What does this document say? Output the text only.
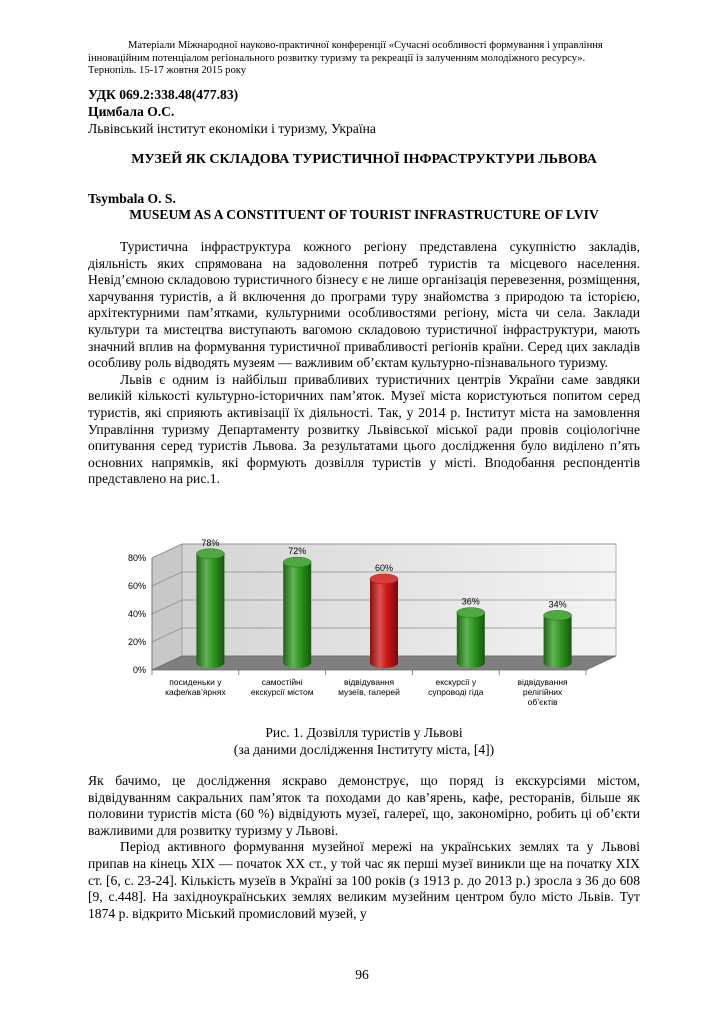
Матеріали Міжнародної науково-практичної конференції «Сучасні особливості формування і управління
інноваційним потенціалом регіонального розвитку туризму та рекреації із залученням молодіжного ресурсу».
Тернопіль. 15-17 жовтня 2015 року
УДК 069.2:338.48(477.83)
Цимбала О.С.
Львівський інститут економіки і туризму, Україна
МУЗЕЙ ЯК СКЛАДОВА ТУРИСТИЧНОЇ ІНФРАСТРУКТУРИ ЛЬВОВА
Tsymbala O. S.
MUSEUM AS A CONSTITUENT OF TOURIST INFRASTRUCTURE OF LVIV

Туристична інфраструктура кожного регіону представлена сукупністю закладів, діяльність яких спрямована на задоволення потреб туристів та місцевого населення. Невід’ємною складовою туристичного бізнесу є не лише організація перевезення, розміщення, харчування туристів, а й включення до програми туру знайомства з природою та історією, архітектурними пам’ятками, культурними особливостями регіону, міста чи села. Заклади культури та мистецтва виступають вагомою складовою туристичної інфраструктури, мають значний вплив на формування туристичної привабливості регіонів країни. Серед цих закладів особливу роль відводять музеям — важливим об’єктам культурно-пізнавального туризму.

Львів є одним із найбільш привабливих туристичних центрів України саме завдяки великій кількості культурно-історичних пам’яток. Музеї міста користуються попитом серед туристів, які сприяють активізації їх діяльності. Так, у 2014 р. Інститут міста на замовлення Управління туризму Департаменту розвитку Львівської міської ради провів соціологічне опитування серед туристів Львова. За результатами цього дослідження було виділено п’ять основних напрямків, які формують дозвілля туристів у місті. Вподобання респондентів представлено на рис.1.

0%
20%
40%
60%
80%
78%
72%
60%
36%	34%
посиденьки у кафе/кав’ярнях
самостійні екскурсії містом
відвідування музеїв, галерей
екскурсії у супроводі гіда
відвідування релігійних об’єктів
Рис. 1. Дозвілля туристів у Львові
(за даними дослідження Інституту міста, [4])

Як бачимо, це дослідження яскраво демонструє, що поряд із екскурсіями містом, відвідуванням сакральних пам’яток та походами до кав’ярень, кафе, ресторанів, більше як половини туристів міста (60 %) відвідують музеї, галереї, що, закономірно, робить ці об’єкти важливими для розвитку туризму у Львові.

Період активного формування музейної мережі на українських землях та у Львові припав на кінець XIX — початок XX ст., у той час як перші музеї виникли ще на початку XIX ст. [6, с. 23-24]. Кількість музеїв в Україні за 100 років (з 1913 р. до 2013 р.) зросла з 36 до 608 [9, с.448]. На західноукраїнських землях великим музейним центром було місто Львів. Тут 1874 р. відкрито Міський промисловий музей, у

96
